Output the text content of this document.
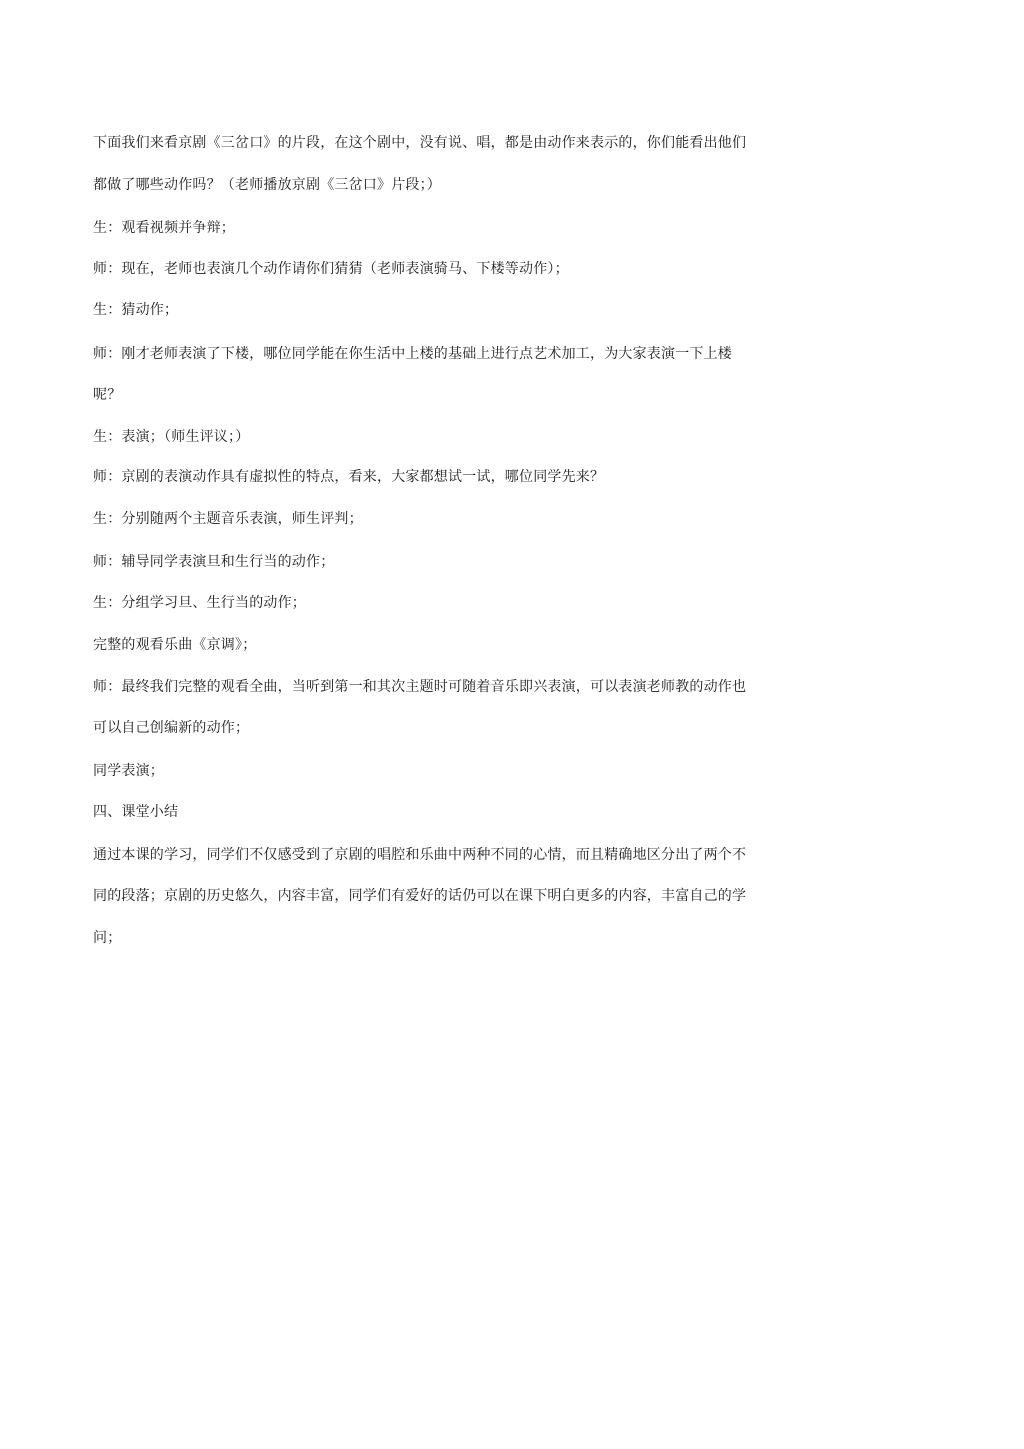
下面我们来看京剧《三岔口》的片段，在这个剧中，没有说、唱，都是由动作来表示的，你们能看出他们
都做了哪些动作吗？（老师播放京剧《三岔口》片段；）
生：观看视频并争辩；
师：现在，老师也表演几个动作请你们猜猜（老师表演骑马、下楼等动作）；
生：猜动作；
师：刚才老师表演了下楼，哪位同学能在你生活中上楼的基础上进行点艺术加工，为大家表演一下上楼
呢？
生：表演；（师生评议；）
师：京剧的表演动作具有虚拟性的特点，看来，大家都想试一试，哪位同学先来？
生：分别随两个主题音乐表演，师生评判；
师：辅导同学表演旦和生行当的动作；
生：分组学习旦、生行当的动作；
完整的观看乐曲《京调》；
师：最终我们完整的观看全曲，当听到第一和其次主题时可随着音乐即兴表演，可以表演老师教的动作也
可以自己创编新的动作；
同学表演；
四、课堂小结
通过本课的学习，同学们不仅感受到了京剧的唱腔和乐曲中两种不同的心情，而且精确地区分出了两个不
同的段落；京剧的历史悠久，内容丰富，同学们有爱好的话仍可以在课下明白更多的内容，丰富自己的学
问；
